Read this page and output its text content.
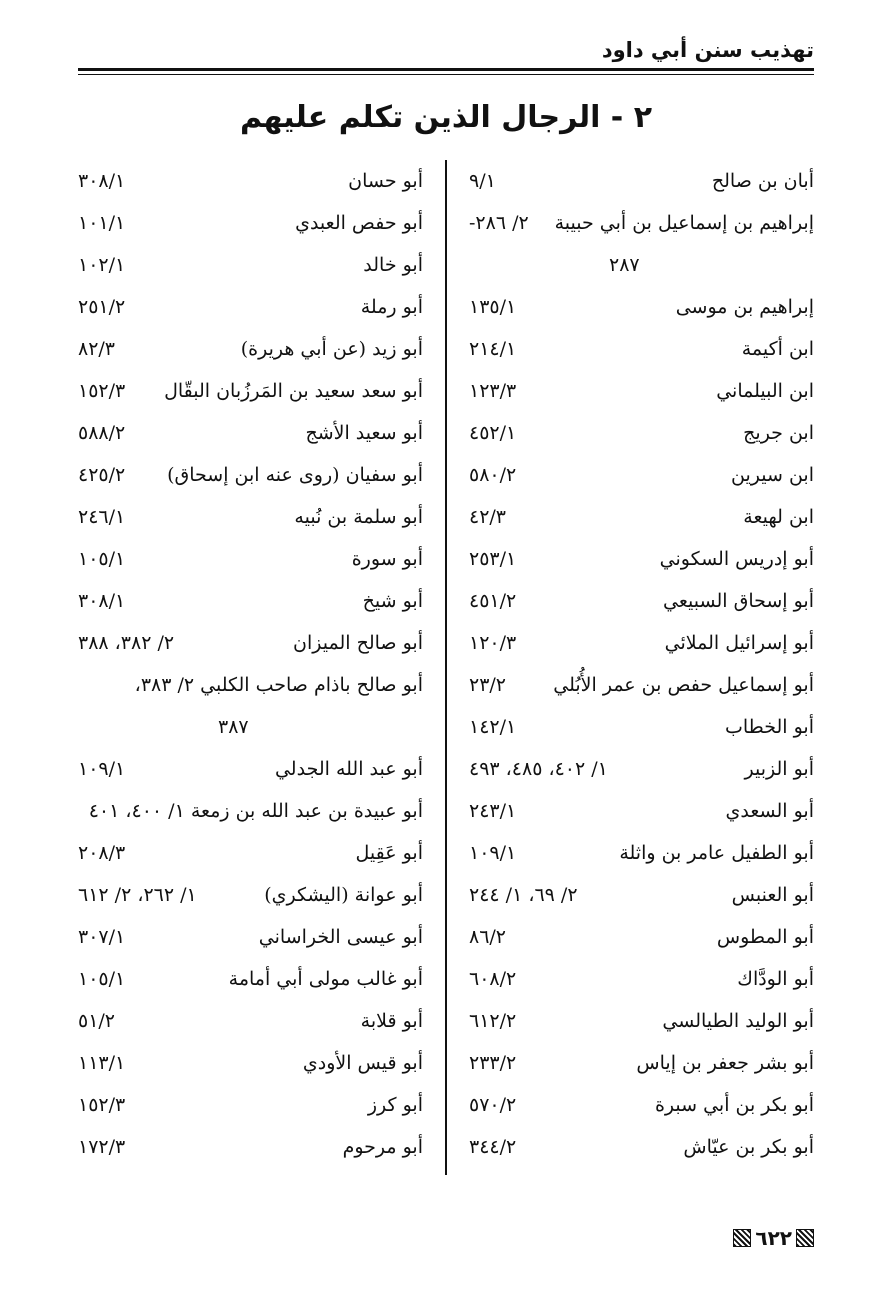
تهذيب سنن أبي داود
٢ - الرجال الذين تكلم عليهم
أبان بن صالح
٩/١
إبراهيم بن إسماعيل بن أبي حبيبة
٢/ ٢٨٦-
٢٨٧
إبراهيم بن موسى
١٣٥/١
ابن أكيمة
٢١٤/١
ابن البيلماني
١٢٣/٣
ابن جريج
٤٥٢/١
ابن سيرين
٥٨٠/٢
ابن لهيعة
٤٢/٣
أبو إدريس السكوني
٢٥٣/١
أبو إسحاق السبيعي
٤٥١/٢
أبو إسرائيل الملائي
١٢٠/٣
أبو إسماعيل حفص بن عمر الأُبُلي
٢٣/٢
أبو الخطاب
١٤٢/١
أبو الزبير
١/ ٤٠٢، ٤٨٥، ٤٩٣
أبو السعدي
٢٤٣/١
أبو الطفيل عامر بن واثلة
١٠٩/١
أبو العنبس
٢/ ٦٩، ١/ ٢٤٤
أبو المطوس
٨٦/٢
أبو الودَّاك
٦٠٨/٢
أبو الوليد الطيالسي
٦١٢/٢
أبو بشر جعفر بن إياس
٢٣٣/٢
أبو بكر بن أبي سبرة
٥٧٠/٢
أبو بكر بن عيّاش
٣٤٤/٢
أبو حسان
٣٠٨/١
أبو حفص العبدي
١٠١/١
أبو خالد
١٠٢/١
أبو رملة
٢٥١/٢
أبو زيد (عن أبي هريرة)
٨٢/٣
أبو سعد سعيد بن المَرزُبان البقّال
١٥٢/٣
أبو سعيد الأشج
٥٨٨/٢
أبو سفيان (روى عنه ابن إسحاق)
٤٢٥/٢
أبو سلمة بن نُبيه
٢٤٦/١
أبو سورة
١٠٥/١
أبو شيخ
٣٠٨/١
أبو صالح الميزان
٢/ ٣٨٢، ٣٨٨
أبو صالح باذام صاحب الكلبي ٢/ ٣٨٣،
٣٨٧
أبو عبد الله الجدلي
١٠٩/١
أبو عبيدة بن عبد الله بن زمعة ١/ ٤٠٠، ٤٠١
أبو عَقِيل
٢٠٨/٣
أبو عوانة (اليشكري)
١/ ٢٦٢، ٢/ ٦١٢
أبو عيسى الخراساني
٣٠٧/١
أبو غالب مولى أبي أمامة
١٠٥/١
أبو قلابة
٥١/٢
أبو قيس الأودي
١١٣/١
أبو كرز
١٥٢/٣
أبو مرحوم
١٧٢/٣
٦٢٢
